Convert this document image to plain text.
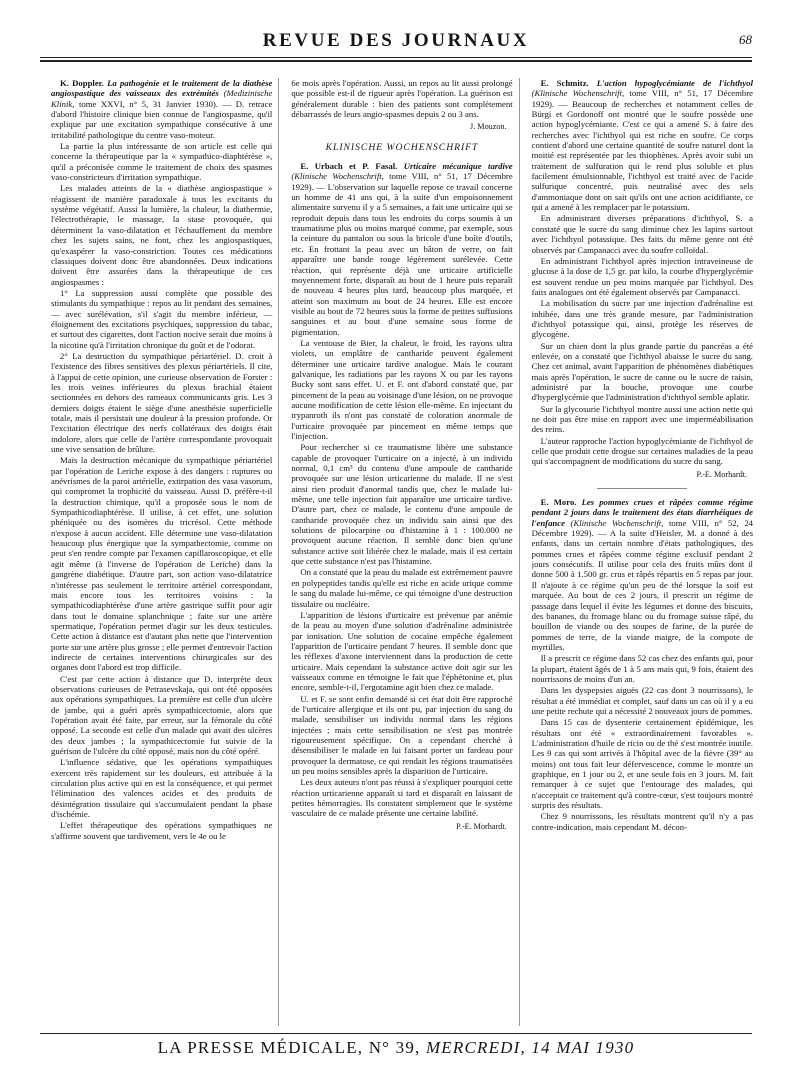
REVUE DES JOURNAUX	68

K. Doppler. La pathogénie et le traitement de la diathèse angiospastique des vaisseaux des extrémités (Medizinische Klinik, tome XXVI, n° 5, 31 Janvier 1930). — D. retrace d'abord l'histoire clinique bien connue de l'angiospasme, qu'il explique par une excitation sympathique consécutive à une irritabilité pathologique du centre vaso-moteur.

La partie la plus intéressante de son article est celle qui concerne la thérapeutique par la « sympathico-diaphtérèse », qu'il a préconisée comme le traitement de choix des spasmes vaso-constricteurs d'irritation sympathique.

Les malades atteints de la « diathèse angiospastique » réagissent de manière paradoxale à tous les excitants du système végétatif. Aussi la lumière, la chaleur, la diathermie, l'électrothérapie, le massage, la stase provoquée, qui déterminent la vaso-dilatation et l'échauffement du membre chez les sujets sains, ne font, chez les angiospastiques, qu'exaspérer la vaso-constriction. Toutes ces médications classiques doivent donc être abandonnées. Deux indications doivent être assurées dans la thérapeutique de ces angiospasmes :

1° La suppression aussi complète que possible des stimulants du sympathique : repos au lit pendant des semaines, — avec surélévation, s'il s'agit du membre inférieur, — éloignement des excitations psychiques, suppression du tabac, et surtout des cigarettes, dont l'action nocive serait due moins à la nicotine qu'à l'irritation chronique du goût et de l'odorat.

2° La destruction du sympathique périartériel. D. croit à l'existence des fibres sensitives des plexus périartériels. Il cite, à l'appui de cette opinion, une curieuse observation de Forster : les trois veines inférieures du plexus brachial étaient sectionnées en dehors des rameaux communicants gris. Les 3 derniers doigts étaient le siège d'une anesthésie superficielle totale, mais il persistait une douleur à la pression profonde. Or l'excitation électrique des nerfs collatéraux des doigts était indolore, alors que celle de l'artère correspondante provoquait une vive sensation de brûlure.

Mais la destruction mécanique du sympathique périartériel par l'opération de Leriche expose à des dangers : ruptures ou anévrismes de la paroi artérielle, extirpation des vasa vasorum, qui compromet la trophicité du vaisseau. Aussi D. préfère-t-il la destruction chimique, qu'il a proposée sous le nom de Sympathicodiaphtérèse. Il utilise, à cet effet, une solution phéniquée ou des isomères du tricrésol. Cette méthode n'expose à aucun accident. Elle détermine une vaso-dilatation beaucoup plus énergique que la sympathectomie, comme on peut s'en rendre compte par l'examen capillaroscopique, et elle agit même (à l'inverse de l'opération de Leriche) dans la gangrène diabétique. D'autre part, son action vaso-dilatatrice n'intéresse pas seulement le territoire artériel correspondant, mais encore tous les territoires voisins : la sympathicodiaphtérèse d'une artère gastrique suffit pour agir dans tout le domaine splanchnique ; faite sur une artère spermatique, l'opération permet d'agir sur les deux testicules. Cette action à distance est d'autant plus nette que l'intervention porte sur une artère plus grosse ; elle permet d'entrevoir l'action indirecte de certaines interventions chirurgicales sur des organes dont l'abord est trop difficile.

C'est par cette action à distance que D. interprète deux observations curieuses de Petrasevskaja, qui ont été opposées aux opérations sympathiques. La première est celle d'un ulcère de jambe, qui a guéri après sympathicectomie, alors que l'opération avait été faite, par erreur, sur la fémorale du côté opposé. La seconde est celle d'un malade qui avait des ulcères des deux jambes ; la sympathicectomie fut suivie de la guérison de l'ulcère du côté opposé, mais non du côté opéré.

L'influence sédative, que les opérations sympathiques exercent très rapidement sur les douleurs, est attribuée à la circulation plus active qui en est la conséquence, et qui permet l'élimination des valences acides et des produits de désintégration tissulaire qui s'accumulaient pendant la phase d'ischémie.

L'effet thérapeutique des opérations sympathiques ne s'affirme souvent que tardivement, vers le 4e ou le

6e mois après l'opération. Aussi, un repos au lit aussi prolongé que possible est-il de rigueur après l'opération. La guérison est généralement durable : bien des patients sont complètement débarrassés de leurs angio-spasmes depuis 2 ou 3 ans.

J. Mouzon.

KLINISCHE WOCHENSCHRIFT

E. Urbach et P. Fasal. Urticaire mécanique tardive (Klinische Wochenschrift, tome VIII, n° 51, 17 Décembre 1929). — L'observation sur laquelle repose ce travail concerne un homme de 41 ans qui, à la suite d'un empoisonnement alimentaire survenu il y a 5 semaines, a fait une urticaire qui se reproduit depuis dans tous les endroits du corps soumis à un traumatisme plus ou moins marqué comme, par exemple, sous la ceinture du pantalon ou sous la bricole d'une boîte d'outils, etc. En frottant la peau avec un bâton de verre, on fait apparaître une bande rouge légèrement surélevée. Cette réaction, qui représente déjà une urticaire artificielle moyennement forte, disparaît au bout de 1 heure puis reparaît de nouveau 4 heures plus tard, beaucoup plus marquée, et atteint son maximum au bout de 24 heures. Elle est encore visible au bout de 72 heures sous la forme de petites suffusions sanguines et au bout d'une semaine sous forme de pigmentation.

La ventouse de Bier, la chaleur, le froid, les rayons ultra violets, un emplâtre de cantharide peuvent également déterminer une urticaire tardive analogue. Mais le courant galvanique, les radiations par les rayons X ou par les rayons Bucky sont sans effet. U. et F. ont d'abord constaté que, par pincement de la peau au voisinage d'une lésion, on ne provoque aucune modification de cette lésion elle-même. En injectant du trypanroth ils n'ont pas constaté de coloration anormale de l'urticaire provoquée par pincement en même temps que l'injection.

Pour rechercher si ce traumatisme libère une substance capable de provoquer l'urticaire on a injecté, à un individu normal, 0,1 cm³ du contenu d'une ampoule de cantharide provoquée sur une lésion urticarienne du malade. Il ne s'est ainsi rien produit d'anormal tandis que, chez le malade lui-même, une telle injection fait apparaître une urticaire tardive. D'autre part, chez ce malade, le contenu d'une ampoule de cantharide provoquée chez un individu sain ainsi que des solutions de pilocarpine ou d'histamine à 1 : 100.000 ne provoquent aucune réaction. Il semble donc bien qu'une substance active soit libérée chez le malade, mais il est certain que cette substance n'est pas l'histamine.

On a constaté que la peau du malade est extrêmement pauvre en polypeptides tandis qu'elle est riche en acide urique comme le sang du malade lui-même, ce qui témoigne d'une destruction tissulaire ou nucléaire.

L'apparition de lésions d'urticaire est prévenue par anémie de la peau au moyen d'une solution d'adrénaline administrée par ionisation. Une solution de cocaïne empêche également l'apparition de l'urticaire pendant 7 heures. Il semble donc que les réflexes d'axone interviennent dans la production de cette urticaire. Mais cependant la substance active doit agir sur les vaisseaux comme en témoigne le fait que l'éphétonine et, plus encore, semble-t-il, l'ergotamine agit bien chez ce malade.

U. et F. se sont enfin demandé si cet état doit être rapproché de l'urticaire allergique et ils ont pu, par injection du sang du malade, sensibiliser un individu normal dans les régions injectées ; mais cette sensibilisation ne s'est pas montrée rigoureusement spécifique. On a cependant cherché à désensibiliser le malade en lui faisant porter un fardeau pour provoquer la dermatose, ce qui rendait les régions traumatisées un peu moins sensibles après la disparition de l'urticaire.

Les deux auteurs n'ont pas réussi à s'expliquer pourquoi cette réaction urticarienne apparaît si tard et disparaît en laissant de petites hémorragies. Ils constatent simplement que le système vasculaire de ce malade présente une certaine labilité.

P.-E. Morhardt.

E. Schmitz. L'action hypoglycémiante de l'ichthyol (Klinische Wochenschrift, tome VIII, n° 51, 17 Décembre 1929). — Beaucoup de recherches et notamment celles de Bürgi et Gordonoff ont montré que le soufre possède une action hypoglycémiante. C'est ce qui a amené S. à faire des recherches avec l'ichthyol qui est riche en soufre. Ce corps contient d'abord une certaine quantité de soufre naturel dont la moitié est représentée par les thiophènes. Après avoir subi un traitement de sulfuration qui le rend plus soluble et plus facilement émulsionnable, l'ichthyol est traité avec de l'acide sulfurique concentré, puis neutralisé avec des sels d'ammoniaque dont on sait qu'ils ont une action acidifiante, ce qui a amené à les remplacer par le potassium.

En administrant diverses préparations d'ichthyol, S. a constaté que le sucre du sang diminue chez les lapins surtout avec l'ichthyol potassique. Des faits du même genre ont été observés par Campanacci avec du soufre colloïdal.

En administrant l'ichthyol après injection intraveineuse de glucose à la dose de 1,5 gr. par kilo, la courbe d'hyperglycémie est souvent rendue un peu moins marquée par l'ichthyol. Des faits analogues ont été également observés par Campanacci.

La mobilisation du sucre par une injection d'adrénaline est inhibée, dans une très grande mesure, par l'administration d'ichthyol potassique qui, ainsi, protège les réserves de glycogène.

Sur un chien dont la plus grande partie du pancréas a été enlevée, on a constaté que l'ichthyol abaisse le sucre du sang. Chez cet animal, avant l'apparition de phénomènes diabétiques mais après l'opération, le sucre de canne ou le sucre de raisin, administré par la bouche, provoque une courbe d'hyperglycémie que l'administration d'ichthyol semble aplatir.

Sur la glycosurie l'ichthyol montre aussi une action nette qui ne doit pas être mise en rapport avec une imperméabilisation des reins.

L'auteur rapproche l'action hypoglycémiante de l'ichthyol de celle que produit cette drogue sur certaines maladies de la peau qui s'accompagnent de modifications du sucre du sang.

P.-E. Morhardt.

E. Moro. Les pommes crues et râpées comme régime pendant 2 jours dans le traitement des états diarrhéiques de l'enfance (Klinische Wochenschrift, tome VIII, n° 52, 24 Décembre 1929). — A la suite d'Heisler, M. a donné à des enfants, dans un certain nombre d'états pathologiques, des pommes crues et râpées comme régime exclusif pendant 2 jours consécutifs. Il utilise pour cela des fruits mûrs dont il donne 500 à 1.500 gr. crus et râpés répartis en 5 repas par jour. Il n'ajoute à ce régime qu'un peu de thé lorsque la soif est marquée. Au bout de ces 2 jours, il prescrit un régime de passage dans lequel il évite les légumes et donne des biscuits, des bananes, du fromage blanc ou du fromage suisse râpé, du bouillon de viande ou des soupes de farine, de la purée de pommes de terre, de la viande maigre, de la compote de myrtilles.

Il a prescrit ce régime dans 52 cas chez des enfants qui, pour la plupart, étaient âgés de 1 à 5 ans mais qui, 9 fois, étaient des nourrissons de moins d'un an.

Dans les dyspepsies aiguës (22 cas dont 3 nourrissons), le résultat a été immédiat et complet, sauf dans un cas où il y a eu une petite rechute qui a nécessité 2 nouveaux jours de pommes.

Dans 15 cas de dysenterie certainement épidémique, les résultats ont été « extraordinairement favorables ». L'administration d'huile de ricin ou de thé s'est montrée inutile. Les 9 cas qui sont arrivés à l'hôpital avec de la fièvre (39° au moins) ont tous fait leur défervescence, comme le montre un graphique, en 1 jour ou 2, et une seule fois en 3 jours. M. fait remarquer à ce sujet que l'entourage des malades, qui n'acceptait ce traitement qu'à contre-cœur, s'est toujours montré surpris des résultats.

Chez 9 nourrissons, les résultats montrent qu'il n'y a pas contre-indication, mais cependant M. décon-

LA PRESSE MÉDICALE, N° 39, MERCREDI, 14 MAI 1930
